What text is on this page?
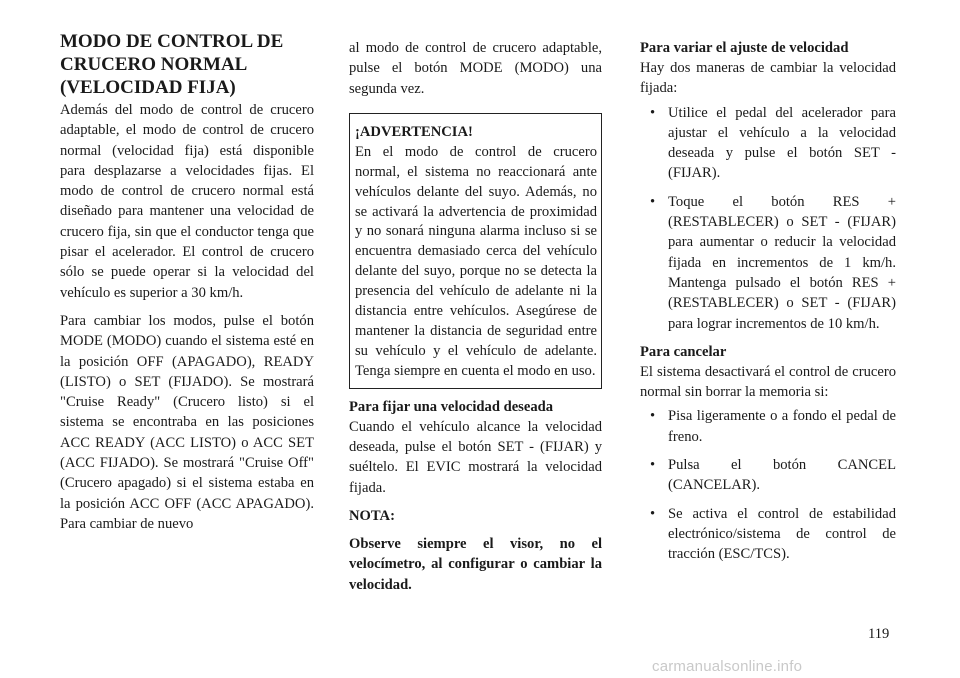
MODO DE CONTROL DE CRUCERO NORMAL (VELOCIDAD FIJA)

Además del modo de control de crucero adaptable, el modo de control de crucero normal (velocidad fija) está disponible para desplazarse a velocidades fijas. El modo de control de crucero normal está diseñado para mantener una velocidad de crucero fija, sin que el conductor tenga que pisar el acelerador. El control de crucero sólo se puede operar si la velocidad del vehículo es superior a 30 km/h.

Para cambiar los modos, pulse el botón MODE (MODO) cuando el sistema esté en la posición OFF (APAGADO), READY (LISTO) o SET (FIJADO). Se mostrará "Cruise Ready" (Crucero listo) si el sistema se encontraba en las posiciones ACC READY (ACC LISTO) o ACC SET (ACC FIJADO). Se mostrará "Cruise Off" (Crucero apagado) si el sistema estaba en la posición ACC OFF (ACC APAGADO). Para cambiar de nuevo

al modo de control de crucero adaptable, pulse el botón MODE (MODO) una segunda vez.

¡ADVERTENCIA!

En el modo de control de crucero normal, el sistema no reaccionará ante vehículos delante del suyo. Además, no se activará la advertencia de proximidad y no sonará ninguna alarma incluso si se encuentra demasiado cerca del vehículo delante del suyo, porque no se detecta la presencia del vehículo de adelante ni la distancia entre vehículos. Asegúrese de mantener la distancia de seguridad entre su vehículo y el vehículo de adelante. Tenga siempre en cuenta el modo en uso.

Para fijar una velocidad deseada

Cuando el vehículo alcance la velocidad deseada, pulse el botón SET - (FIJAR) y suéltelo. El EVIC mostrará la velocidad fijada.

NOTA:

Observe siempre el visor, no el velocímetro, al configurar o cambiar la velocidad.

Para variar el ajuste de velocidad

Hay dos maneras de cambiar la velocidad fijada:

• Utilice el pedal del acelerador para ajustar el vehículo a la velocidad deseada y pulse el botón SET - (FIJAR).
• Toque el botón RES + (RESTABLECER) o SET - (FIJAR) para aumentar o reducir la velocidad fijada en incrementos de 1 km/h. Mantenga pulsado el botón RES + (RESTABLECER) o SET - (FIJAR) para lograr incrementos de 10 km/h.
Para cancelar

El sistema desactivará el control de crucero normal sin borrar la memoria si:

• Pisa ligeramente o a fondo el pedal de freno.
• Pulsa el botón CANCEL (CANCELAR).
• Se activa el control de estabilidad electrónico/sistema de control de tracción (ESC/TCS).
119
carmanualsonline.info
